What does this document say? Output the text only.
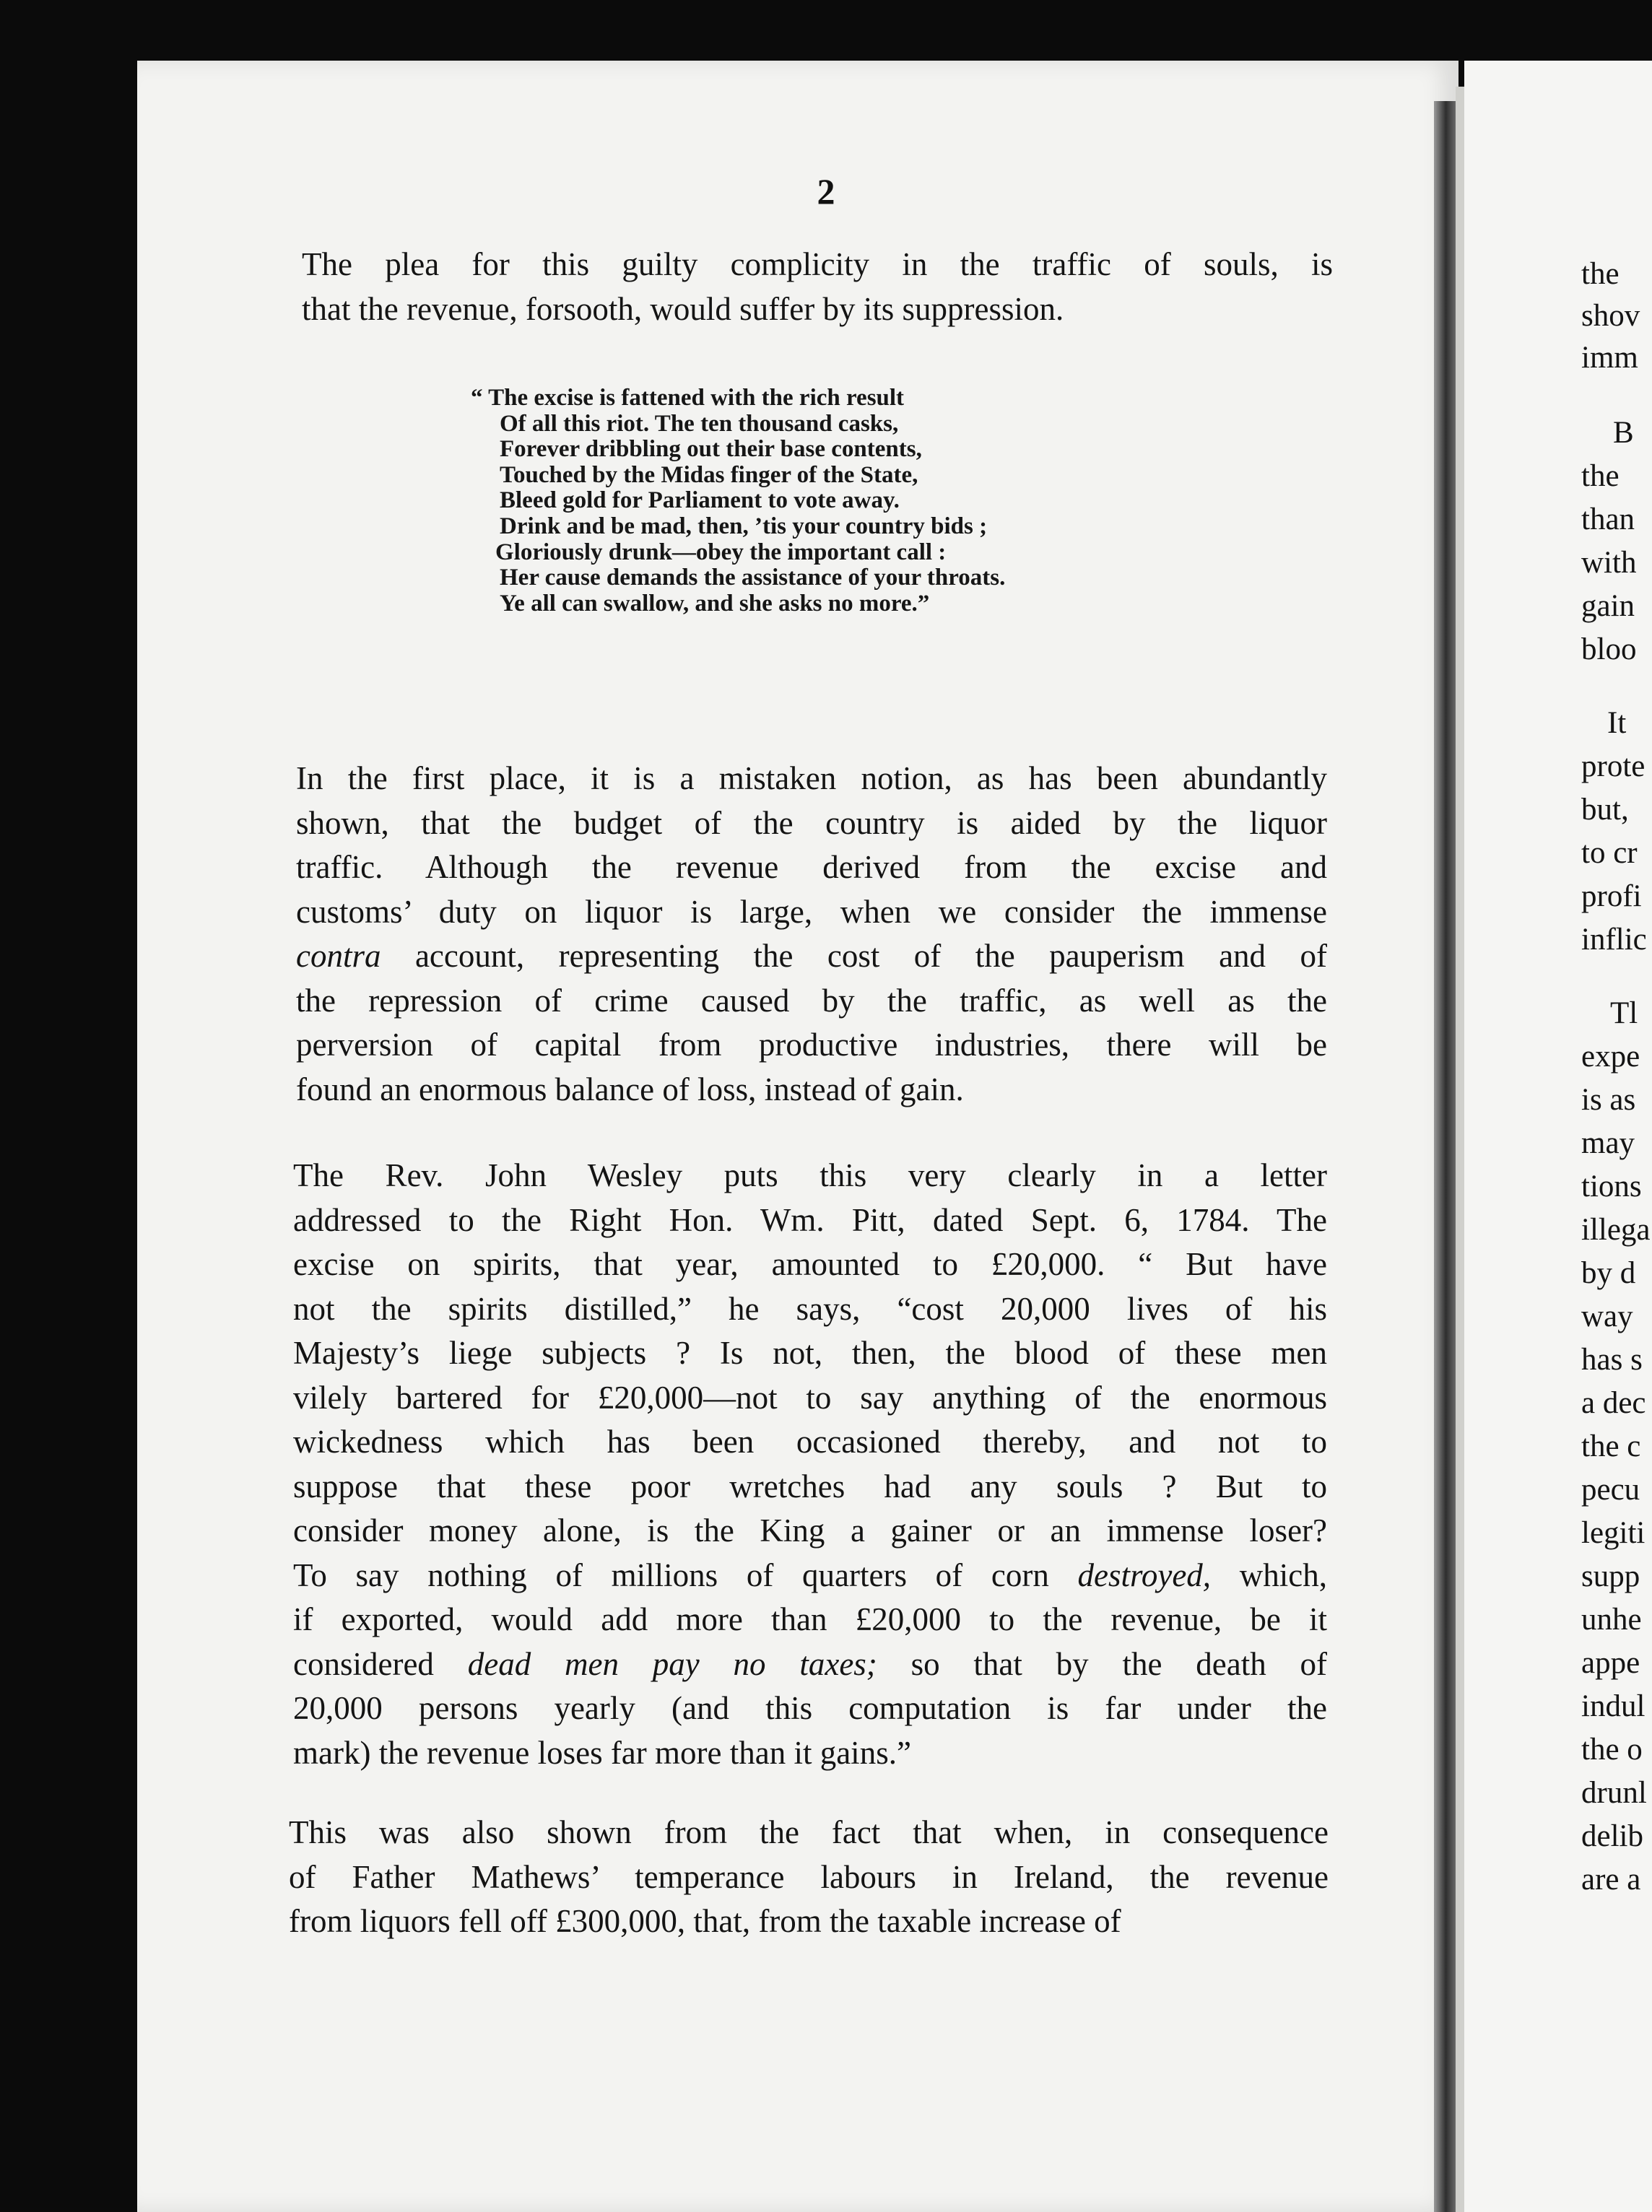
2

The plea for this guilty complicity in the traffic of souls, is
that the revenue, forsooth, would suffer by its suppression.

“ The excise is fattened with the rich result
Of all this riot. The ten thousand casks,
Forever dribbling out their base contents,
Touched by the Midas finger of the State,
Bleed gold for Parliament to vote away.
Drink and be mad, then, ’tis your country bids ;
Gloriously drunk—obey the important call :
Her cause demands the assistance of your throats.
Ye all can swallow, and she asks no more.”

In the first place, it is a mistaken notion, as has been abundantly
shown, that the budget of the country is aided by the liquor
traffic. Although the revenue derived from the excise and
customs’ duty on liquor is large, when we consider the immense
contra account, representing the cost of the pauperism and of
the repression of crime caused by the traffic, as well as the
perversion of capital from productive industries, there will be
found an enormous balance of loss, instead of gain.

The Rev. John Wesley puts this very clearly in a letter
addressed to the Right Hon. Wm. Pitt, dated Sept. 6, 1784. The
excise on spirits, that year, amounted to £20,000. “ But have
not the spirits distilled,” he says, “cost 20,000 lives of his
Majesty’s liege subjects ? Is not, then, the blood of these men
vilely bartered for £20,000—not to say anything of the enormous
wickedness which has been occasioned thereby, and not to
suppose that these poor wretches had any souls ? But to
consider money alone, is the King a gainer or an immense loser?
To say nothing of millions of quarters of corn destroyed, which,
if exported, would add more than £20,000 to the revenue, be it
considered dead men pay no taxes; so that by the death of
20,000 persons yearly (and this computation is far under the
mark) the revenue loses far more than it gains.”

This was also shown from the fact that when, in consequence
of Father Mathews’ temperance labours in Ireland, the revenue
from liquors fell off £300,000, that, from the taxable increase of

the
shov
imm
B
the
than
with
gain
bloo
It
prote
but,
to cr
profi
inflic
Tl
expe
is as
may
tions
illega
by d
way
has s
a dec
the c
pecu
legiti
supp
unhe
appe
indul
the o
drunl
delib
are a
